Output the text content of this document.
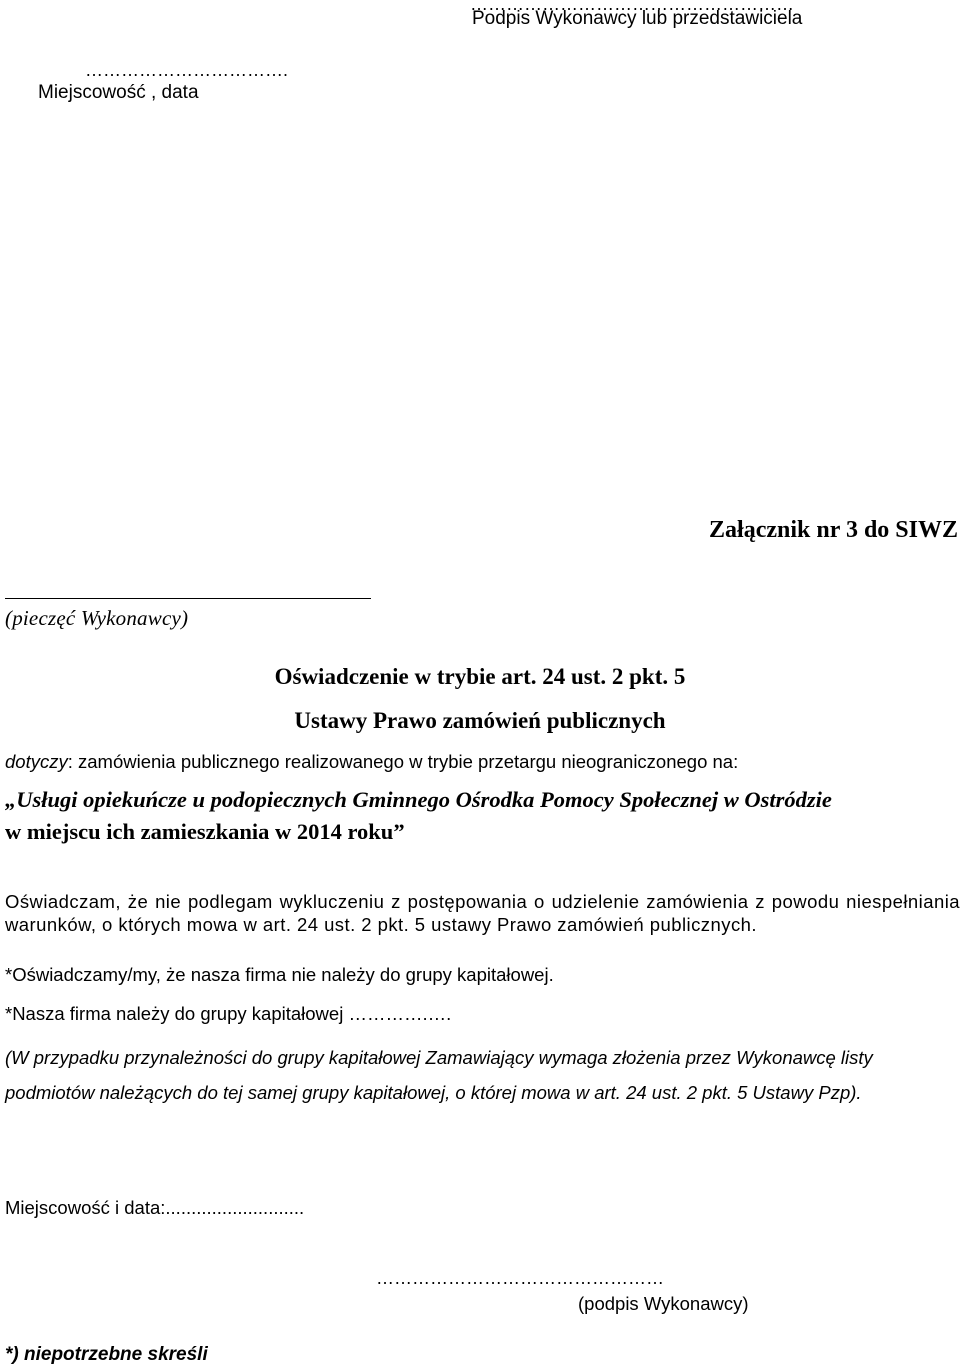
………………………………………………
Podpis Wykonawcy lub przedstawiciela
…………………………….
Miejscowość , data
Załącznik nr 3 do SIWZ
(pieczęć Wykonawcy)
Oświadczenie w trybie art. 24 ust. 2 pkt. 5
Ustawy Prawo zamówień publicznych
dotyczy: zamówienia publicznego realizowanego w trybie przetargu nieograniczonego na:
„Usługi opiekuńcze u podopiecznych Gminnego Ośrodka Pomocy Społecznej w Ostródzie
w miejscu ich zamieszkania w 2014 roku”
Oświadczam, że nie podlegam wykluczeniu z postępowania o udzielenie zamówienia z powodu niespełniania warunków, o których mowa w art. 24 ust. 2 pkt. 5 ustawy Prawo zamówień publicznych.
*Oświadczamy/my, że nasza firma nie należy do grupy kapitałowej.
*Nasza firma należy do grupy kapitałowej ………….….
(W przypadku przynależności do grupy kapitałowej Zamawiający wymaga złożenia przez Wykonawcę listy podmiotów należących do tej samej grupy kapitałowej, o której mowa w art. 24 ust. 2 pkt. 5 Ustawy Pzp).
Miejscowość i data:...........................
…………………………………………
(podpis Wykonawcy)
*) niepotrzebne skreśli
